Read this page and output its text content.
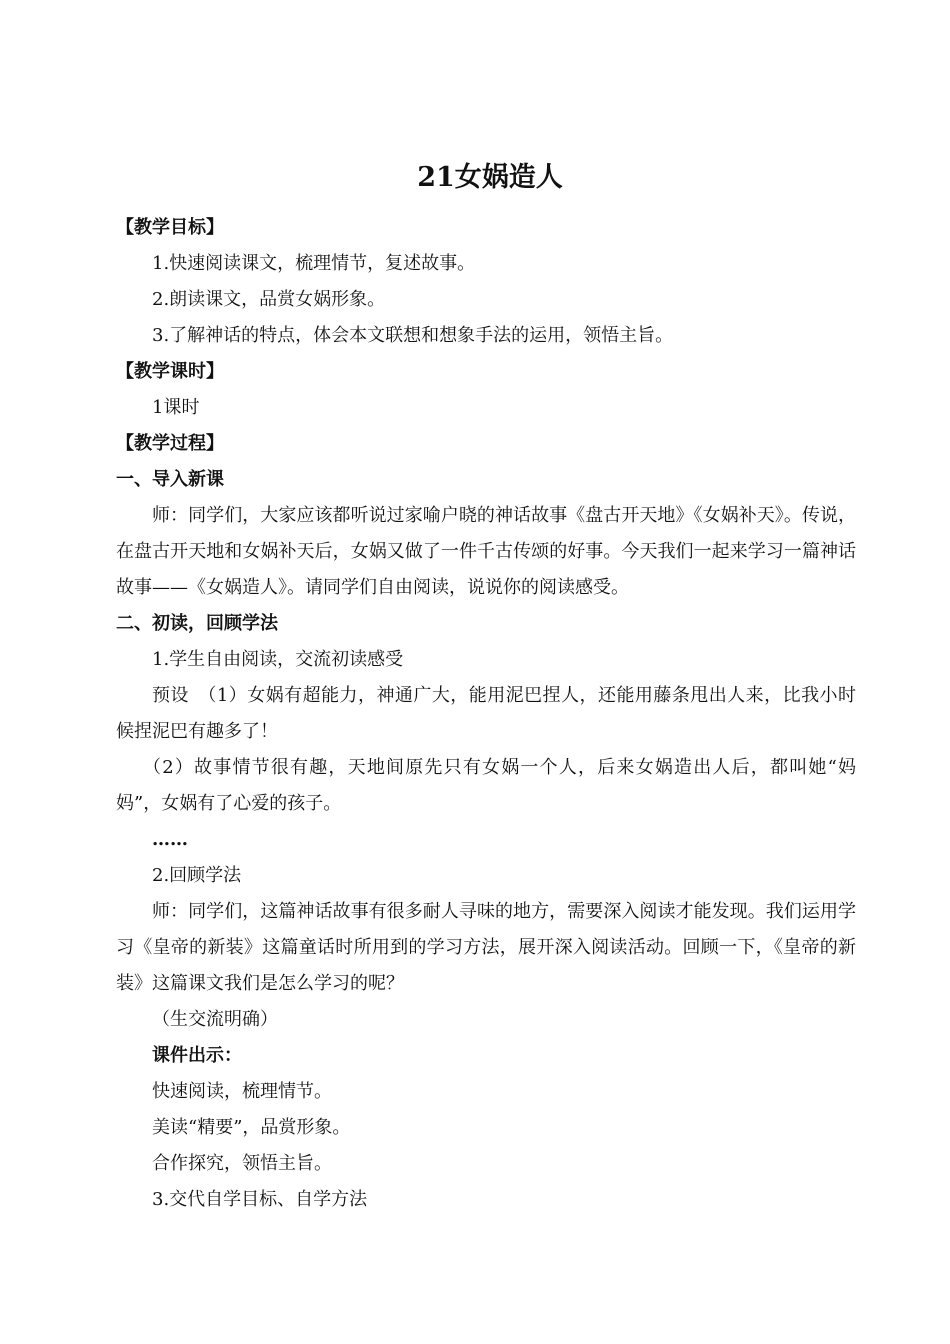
21女娲造人

【教学目标】

1.快速阅读课文，梳理情节，复述故事。

2.朗读课文，品赏女娲形象。

3.了解神话的特点，体会本文联想和想象手法的运用，领悟主旨。

【教学课时】

1课时

【教学过程】

一、导入新课

师：同学们，大家应该都听说过家喻户晓的神话故事《盘古开天地》《女娲补天》。传说，在盘古开天地和女娲补天后，女娲又做了一件千古传颂的好事。今天我们一起来学习一篇神话故事——《女娲造人》。请同学们自由阅读，说说你的阅读感受。

二、初读，回顾学法

1.学生自由阅读，交流初读感受

预设　（1）女娲有超能力，神通广大，能用泥巴捏人，还能用藤条甩出人来，比我小时候捏泥巴有趣多了！

（2）故事情节很有趣，天地间原先只有女娲一个人，后来女娲造出人后，都叫她“妈妈”，女娲有了心爱的孩子。

……

2.回顾学法

师：同学们，这篇神话故事有很多耐人寻味的地方，需要深入阅读才能发现。我们运用学习《皇帝的新装》这篇童话时所用到的学习方法，展开深入阅读活动。回顾一下，《皇帝的新装》这篇课文我们是怎么学习的呢？

（生交流明确）

课件出示：

快速阅读，梳理情节。

美读“精要”，品赏形象。

合作探究，领悟主旨。

3.交代自学目标、自学方法
